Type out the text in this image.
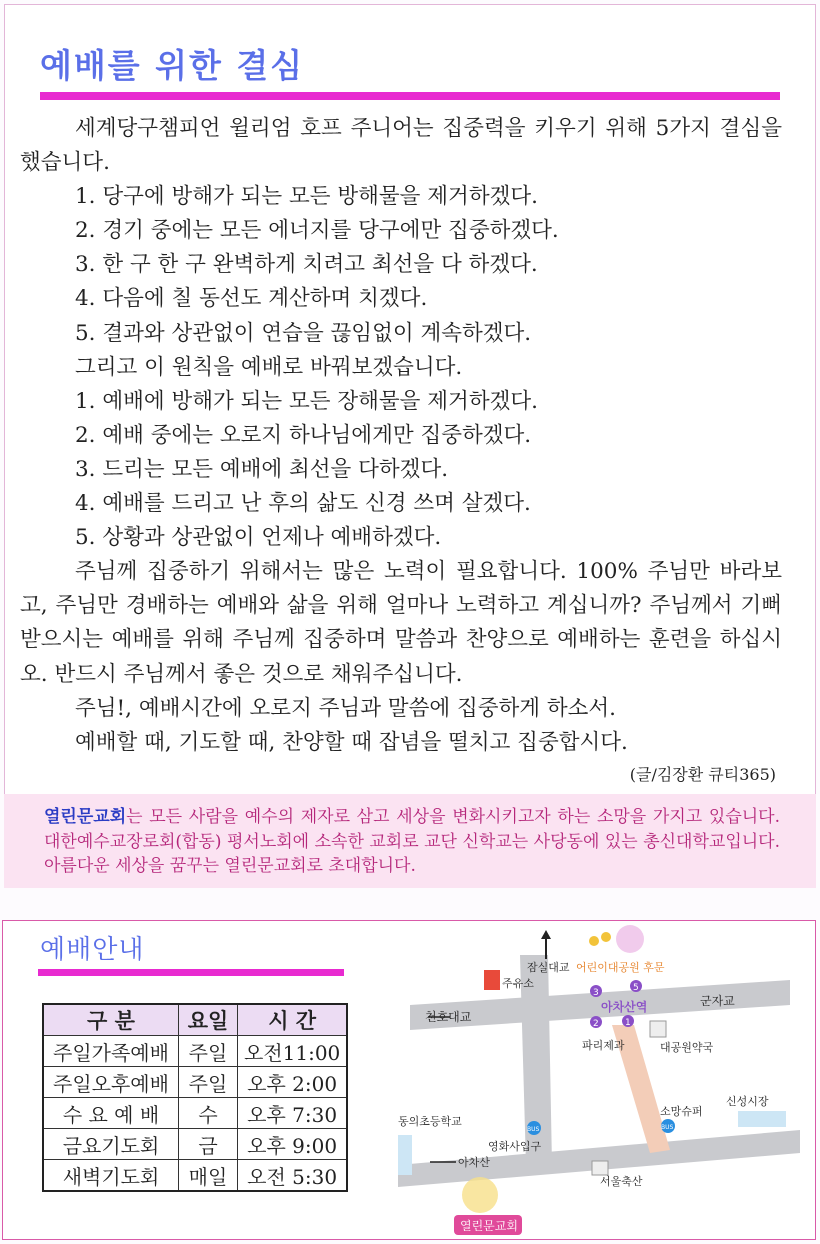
예배를 위한 결심
세계당구챔피언 윌리엄 호프 주니어는 집중력을 키우기 위해 5가지 결심을 했습니다.
1. 당구에 방해가 되는 모든 방해물을 제거하겠다.
2. 경기 중에는 모든 에너지를 당구에만 집중하겠다.
3. 한 구 한 구 완벽하게 치려고 최선을 다 하겠다.
4. 다음에 칠 동선도 계산하며 치겠다.
5. 결과와 상관없이 연습을 끊임없이 계속하겠다.
그리고 이 원칙을 예배로 바꿔보겠습니다.
1. 예배에 방해가 되는 모든 장해물을 제거하겠다.
2. 예배 중에는 오로지 하나님에게만 집중하겠다.
3. 드리는 모든 예배에 최선을 다하겠다.
4. 예배를 드리고 난 후의 삶도 신경 쓰며 살겠다.
5. 상황과 상관없이 언제나 예배하겠다.
주님께 집중하기 위해서는 많은 노력이 필요합니다. 100% 주님만 바라보고, 주님만 경배하는 예배와 삶을 위해 얼마나 노력하고 계십니까? 주님께서 기뻐 받으시는 예배를 위해 주님께 집중하며 말씀과 찬양으로 예배하는 훈련을 하십시오. 반드시 주님께서 좋은 것으로 채워주십니다.
주님!, 예배시간에 오로지 주님과 말씀에 집중하게 하소서.
예배할 때, 기도할 때, 찬양할 때 잡념을 떨치고 집중합시다.
(글/김장환 큐티365)
열린문교회는 모든 사람을 예수의 제자로 삼고 세상을 변화시키고자 하는 소망을 가지고 있습니다. 대한예수교장로회(합동) 평서노회에 소속한 교회로 교단 신학교는 사당동에 있는 총신대학교입니다. 아름다운 세상을 꿈꾸는 열린문교회로 초대합니다.
예배안내
구 분	요일	시 간
주일가족예배	주일	오전11:00
주일오후예배	주일	오후 2:00
수 요 예 배	수	오후 7:30
금요기도회	금	오후 9:00
새벽기도회	매일	오전 5:30
잠실대교 어린이대공원 후문
주유소
3	5
2	1
아차산역	군자교
천호대교
파리제과	대공원약국
소망슈퍼
신성시장
BUS
동의초등학교
BUS
영화사입구
아차산
서울축산
열린문교회
